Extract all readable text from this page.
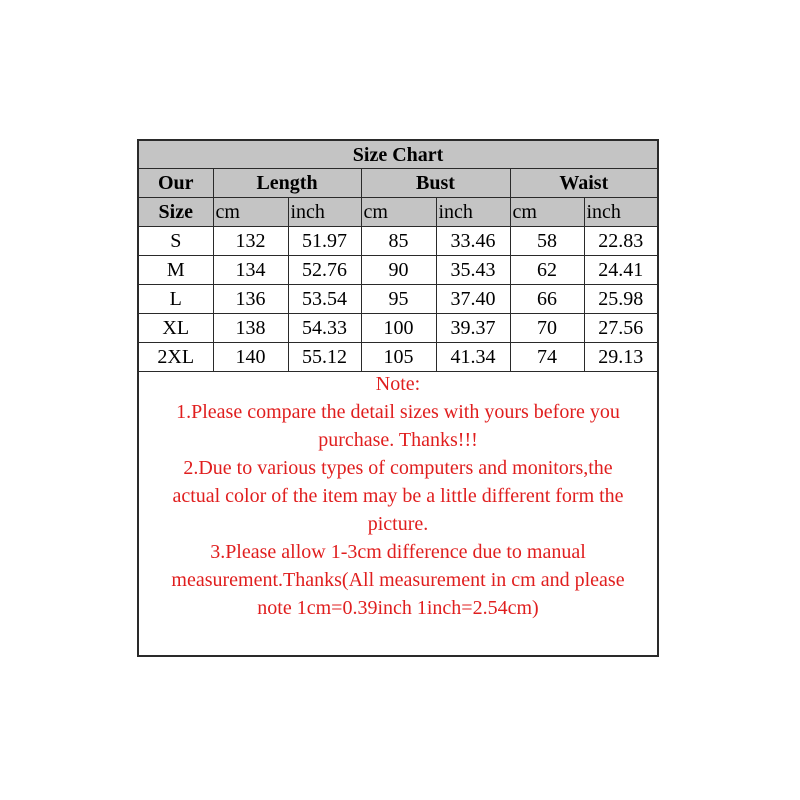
Size Chart						
Our	Length		Bust		Waist	
Size	cm	inch	cm	inch	cm	inch
S	132	51.97	85	33.46	58	22.83
M	134	52.76	90	35.43	62	24.41
L	136	53.54	95	37.40	66	25.98
XL	138	54.33	100	39.37	70	27.56
2XL	140	55.12	105	41.34	74	29.13

Note:

1.Please compare the detail sizes with yours before you

purchase. Thanks!!!

2.Due to various types of computers and monitors,the

actual color of the item may be a little different form the

picture.

3.Please allow 1-3cm difference due to manual

measurement.Thanks(All measurement in cm and please

note 1cm=0.39inch 1inch=2.54cm)
